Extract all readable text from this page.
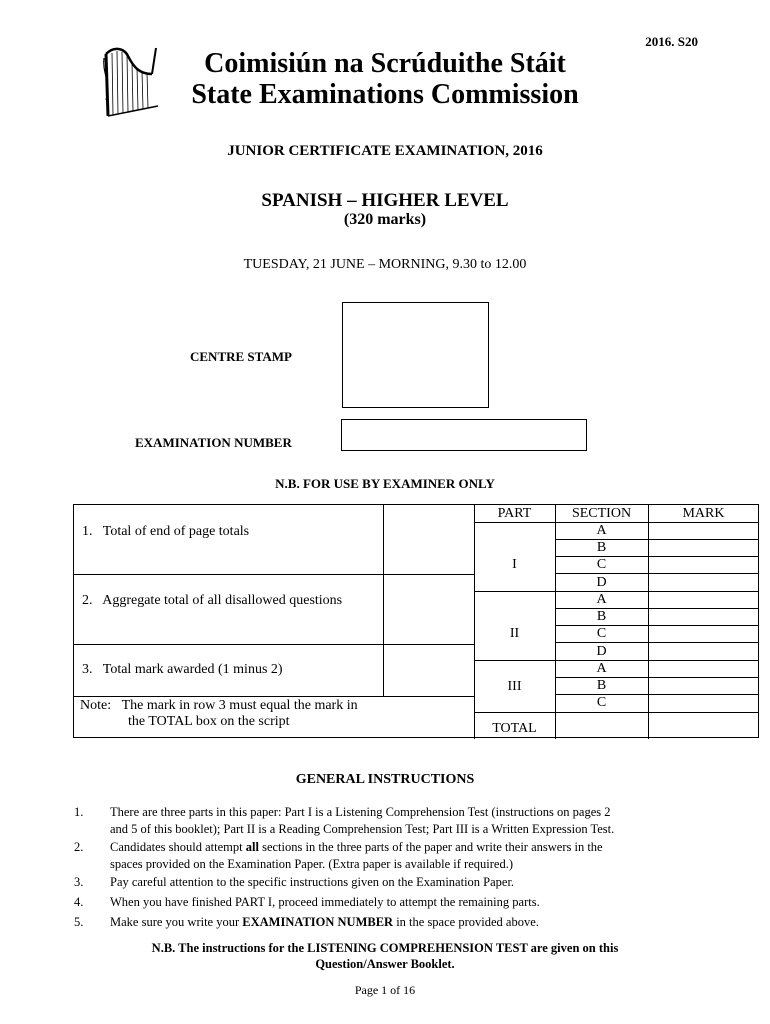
2016. S20
Coimisiún na Scrúduithe Stáit
State Examinations Commission
JUNIOR CERTIFICATE EXAMINATION, 2016
SPANISH – HIGHER LEVEL
(320 marks)
TUESDAY, 21 JUNE – MORNING, 9.30 to 12.00
CENTRE STAMP
EXAMINATION NUMBER
N.B. FOR USE BY EXAMINER ONLY
1. Total of end of page totals
2. Aggregate total of all disallowed questions
3. Total mark awarded (1 minus 2)
Note: The mark in row 3 must equal the mark in
the TOTAL box on the script
PART	SECTION	MARK
I
II
III
A
B
C
D
A
B
C
D
A
B
C
TOTAL
GENERAL INSTRUCTIONS
1. There are three parts in this paper: Part I is a Listening Comprehension Test (instructions on pages 2
and 5 of this booklet); Part II is a Reading Comprehension Test; Part III is a Written Expression Test.
2. Candidates should attempt all sections in the three parts of the paper and write their answers in the
spaces provided on the Examination Paper. (Extra paper is available if required.)
3. Pay careful attention to the specific instructions given on the Examination Paper.
4. When you have finished PART I, proceed immediately to attempt the remaining parts.
5. Make sure you write your EXAMINATION NUMBER in the space provided above.
N.B. The instructions for the LISTENING COMPREHENSION TEST are given on this
Question/Answer Booklet.
Page 1 of 16
